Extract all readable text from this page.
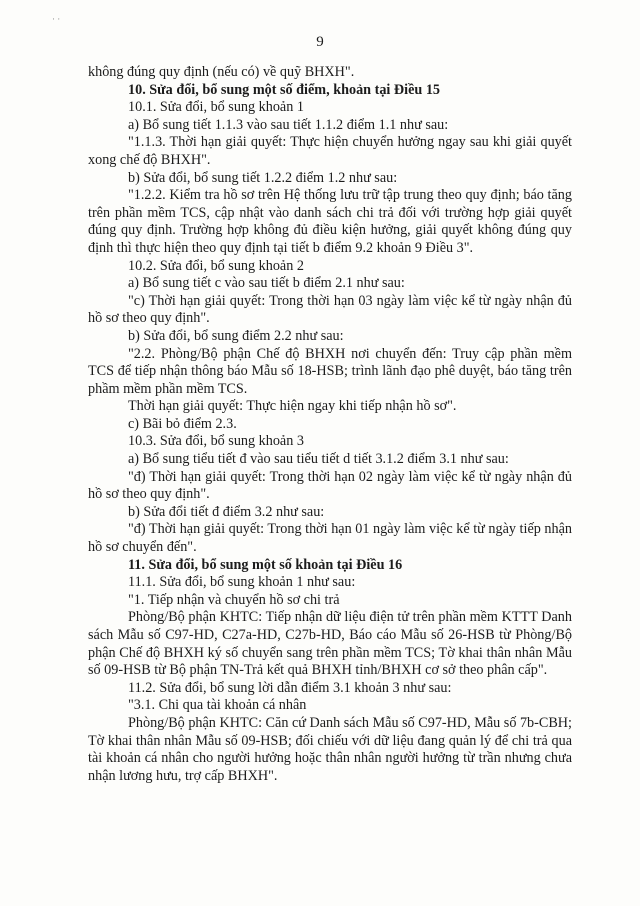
· ·
9

không đúng quy định (nếu có) về quỹ BHXH".

10. Sửa đổi, bổ sung một số điểm, khoản tại Điều 15

10.1. Sửa đổi, bổ sung khoản 1

a) Bổ sung tiết 1.1.3 vào sau tiết 1.1.2 điểm 1.1 như sau:

"1.1.3. Thời hạn giải quyết: Thực hiện chuyển hưởng ngay sau khi giải quyết xong chế độ BHXH".

b) Sửa đổi, bổ sung tiết 1.2.2 điểm 1.2 như sau:

"1.2.2. Kiểm tra hồ sơ trên Hệ thống lưu trữ tập trung theo quy định; báo tăng trên phần mềm TCS, cập nhật vào danh sách chi trả đối với trường hợp giải quyết đúng quy định. Trường hợp không đủ điều kiện hưởng, giải quyết không đúng quy định thì thực hiện theo quy định tại tiết b điểm 9.2 khoản 9 Điều 3".

10.2. Sửa đổi, bổ sung khoản 2

a) Bổ sung tiết c vào sau tiết b điểm 2.1 như sau:

"c) Thời hạn giải quyết: Trong thời hạn 03 ngày làm việc kể từ ngày nhận đủ hồ sơ theo quy định".

b) Sửa đổi, bổ sung điểm 2.2 như sau:

"2.2. Phòng/Bộ phận Chế độ BHXH nơi chuyển đến: Truy cập phần mềm TCS để tiếp nhận thông báo Mẫu số 18-HSB; trình lãnh đạo phê duyệt, báo tăng trên phầm mềm phần mềm TCS.

Thời hạn giải quyết: Thực hiện ngay khi tiếp nhận hồ sơ".

c) Bãi bỏ điểm 2.3.

10.3. Sửa đổi, bổ sung khoản 3

a) Bổ sung tiểu tiết đ vào sau tiểu tiết d tiết 3.1.2 điểm 3.1 như sau:

"đ) Thời hạn giải quyết: Trong thời hạn 02 ngày làm việc kể từ ngày nhận đủ hồ sơ theo quy định".

b) Sửa đổi tiết đ điểm 3.2 như sau:

"đ) Thời hạn giải quyết: Trong thời hạn 01 ngày làm việc kể từ ngày tiếp nhận hồ sơ chuyển đến".

11. Sửa đổi, bổ sung một số khoản tại Điều 16

11.1. Sửa đổi, bổ sung khoản 1 như sau:

"1. Tiếp nhận và chuyển hồ sơ chi trả

Phòng/Bộ phận KHTC: Tiếp nhận dữ liệu điện tử trên phần mềm KTTT Danh sách Mẫu số C97-HD, C27a-HD, C27b-HD, Báo cáo Mẫu số 26-HSB từ Phòng/Bộ phận Chế độ BHXH ký số chuyển sang trên phần mềm TCS; Tờ khai thân nhân Mẫu số 09-HSB từ Bộ phận TN-Trả kết quả BHXH tỉnh/BHXH cơ sở theo phân cấp".

11.2. Sửa đổi, bổ sung lời dẫn điểm 3.1 khoản 3 như sau:

"3.1. Chi qua tài khoản cá nhân

Phòng/Bộ phận KHTC: Căn cứ Danh sách Mẫu số C97-HD, Mẫu số 7b-CBH; Tờ khai thân nhân Mẫu số 09-HSB; đối chiếu với dữ liệu đang quản lý để chi trả qua tài khoản cá nhân cho người hưởng hoặc thân nhân người hưởng từ trần nhưng chưa nhận lương hưu, trợ cấp BHXH".
